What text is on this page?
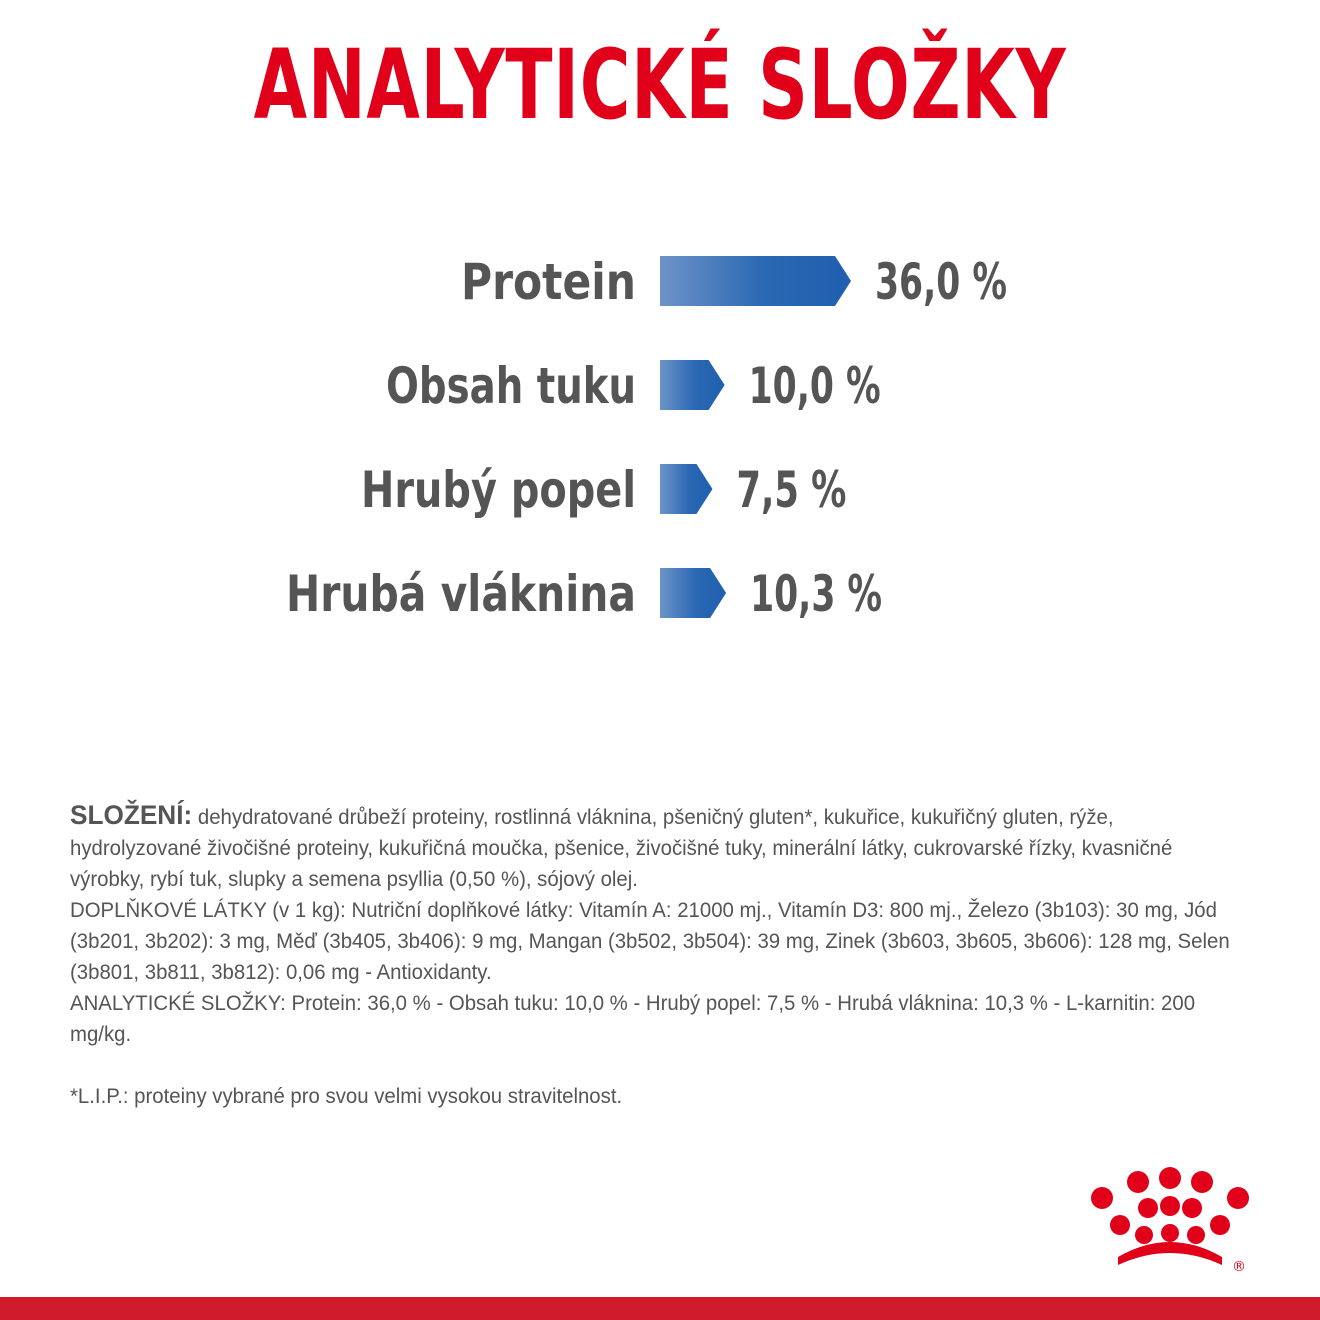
ANALYTICKÉ SLOŽKY
Protein	36,0 %
Obsah tuku 10,0 %
Hrubý popel 7,5 %
Hrubá vláknina 10,3 %

SLOŽENÍ: dehydratované drůbeží proteiny, rostlinná vláknina, pšeničný gluten*, kukuřice, kukuřičný gluten, rýže, hydrolyzované živočišné proteiny, kukuřičná moučka, pšenice, živočišné tuky, minerální látky, cukrovarské řízky, kvasničné výrobky, rybí tuk, slupky a semena psyllia (0,50 %), sójový olej.

DOPLŇKOVÉ LÁTKY (v 1 kg): Nutriční doplňkové látky: Vitamín A: 21000 mj., Vitamín D3: 800 mj., Železo (3b103): 30 mg, Jód (3b201, 3b202): 3 mg, Měď (3b405, 3b406): 9 mg, Mangan (3b502, 3b504): 39 mg, Zinek (3b603, 3b605, 3b606): 128 mg, Selen (3b801, 3b811, 3b812): 0,06 mg - Antioxidanty.

ANALYTICKÉ SLOŽKY: Protein: 36,0 % - Obsah tuku: 10,0 % - Hrubý popel: 7,5 % - Hrubá vláknina: 10,3 % - L-karnitin: 200 mg/kg.

*L.I.P.: proteiny vybrané pro svou velmi vysokou stravitelnost.

®
